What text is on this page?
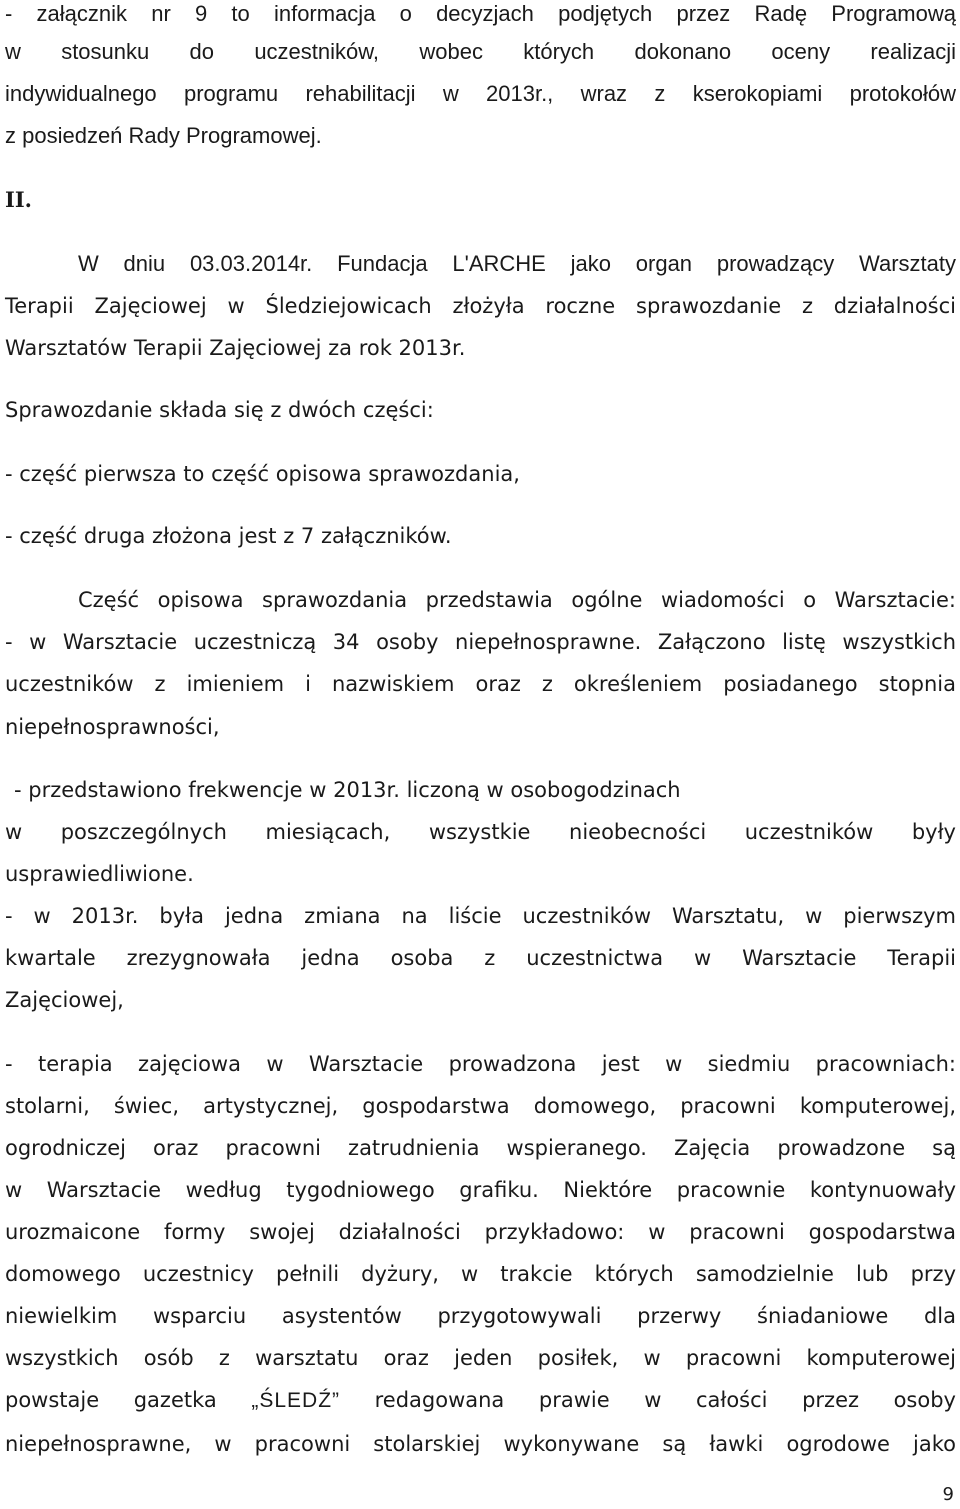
- załącznik nr 9 to informacja o decyzjach podjętych przez Radę Programową
w stosunku do uczestników, wobec których dokonano oceny realizacji
indywidualnego programu rehabilitacji w 2013r., wraz z kserokopiami protokołów
z posiedzeń Rady Programowej.
II.
W dniu 03.03.2014r. Fundacja L'ARCHE jako organ prowadzący Warsztaty
Terapii Zajęciowej w Śledziejowicach złożyła roczne sprawozdanie z działalności
Warsztatów Terapii Zajęciowej za rok 2013r.
Sprawozdanie składa się z dwóch części:
- część pierwsza to część opisowa sprawozdania,
- część druga złożona jest z 7 załączników.
Część opisowa sprawozdania przedstawia ogólne wiadomości o Warsztacie:
- w Warsztacie uczestniczą 34 osoby niepełnosprawne. Załączono listę wszystkich
uczestników z imieniem i nazwiskiem oraz z określeniem posiadanego stopnia
niepełnosprawności,
- przedstawiono frekwencje w 2013r. liczoną w osobogodzinach
w poszczególnych miesiącach, wszystkie nieobecności uczestników były
usprawiedliwione.
- w 2013r. była jedna zmiana na liście uczestników Warsztatu, w pierwszym
kwartale zrezygnowała jedna osoba z uczestnictwa w Warsztacie Terapii
Zajęciowej,
- terapia zajęciowa w Warsztacie prowadzona jest w siedmiu pracowniach:
stolarni, świec, artystycznej, gospodarstwa domowego, pracowni komputerowej,
ogrodniczej oraz pracowni zatrudnienia wspieranego. Zajęcia prowadzone są
w Warsztacie według tygodniowego grafiku. Niektóre pracownie kontynuowały
urozmaicone formy swojej działalności przykładowo: w pracowni gospodarstwa
domowego uczestnicy pełnili dyżury, w trakcie których samodzielnie lub przy
niewielkim wsparciu asystentów przygotowywali przerwy śniadaniowe dla
wszystkich osób z warsztatu oraz jeden posiłek, w pracowni komputerowej
powstaje gazetka „ŚLEDŹ” redagowana prawie w całości przez osoby
niepełnosprawne, w pracowni stolarskiej wykonywane są ławki ogrodowe jako
9
